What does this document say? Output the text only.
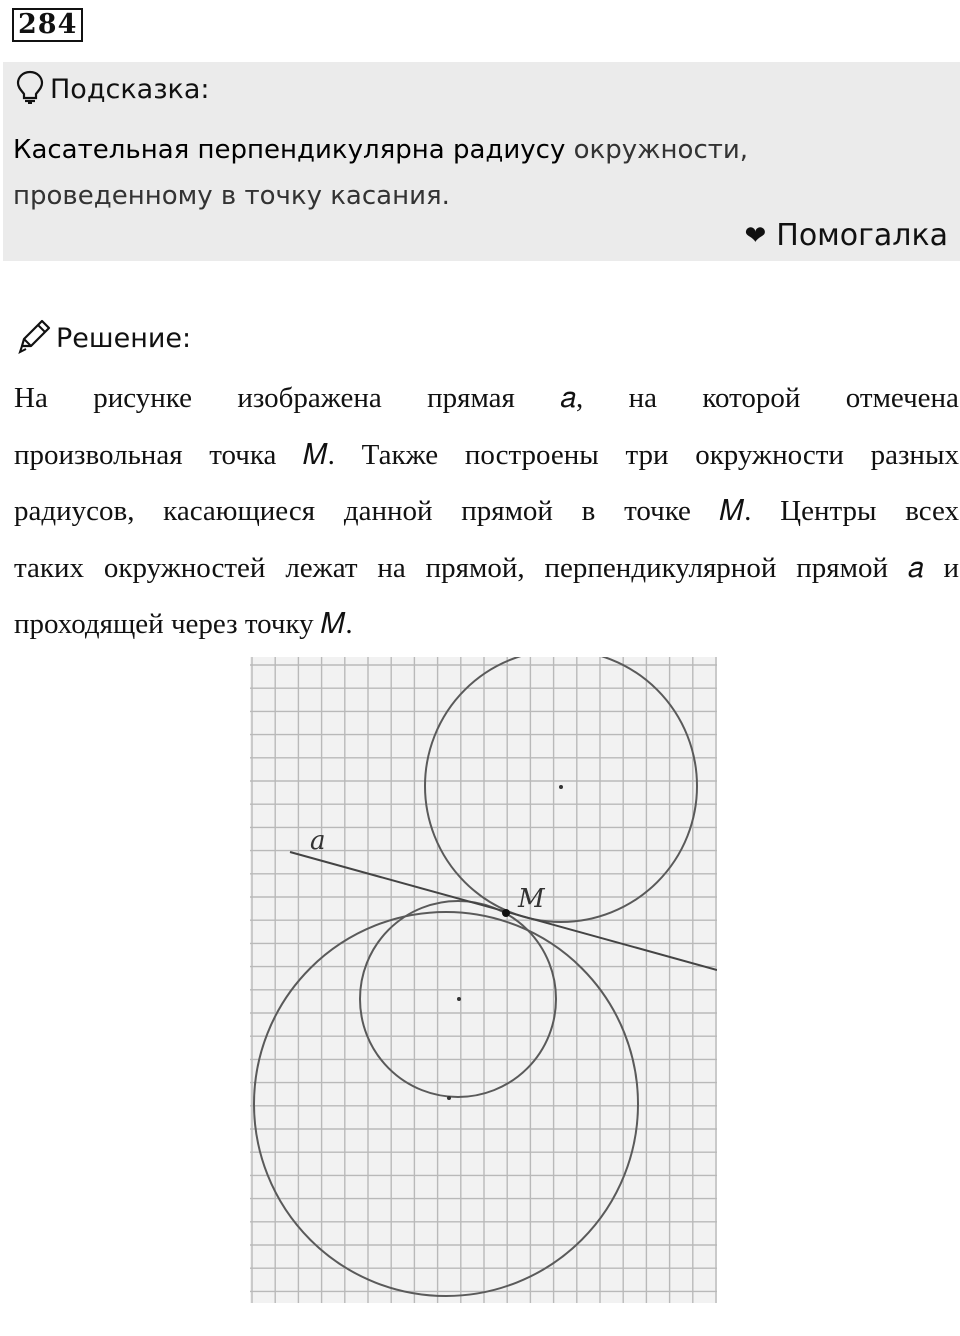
284
Подсказка:
Касательная перпендикулярна радиусу окружности, проведенному в точку касания.
❤ Помогалка
Решение:
На рисунке изображена прямая 𝑎, на которой отмечена
произвольная точка 𝑀. Также построены три окружности разных
радиусов, касающиеся данной прямой в точке 𝑀. Центры всех
таких окружностей лежат на прямой, перпендикулярной прямой 𝑎 и
проходящей через точку 𝑀.
a
M
